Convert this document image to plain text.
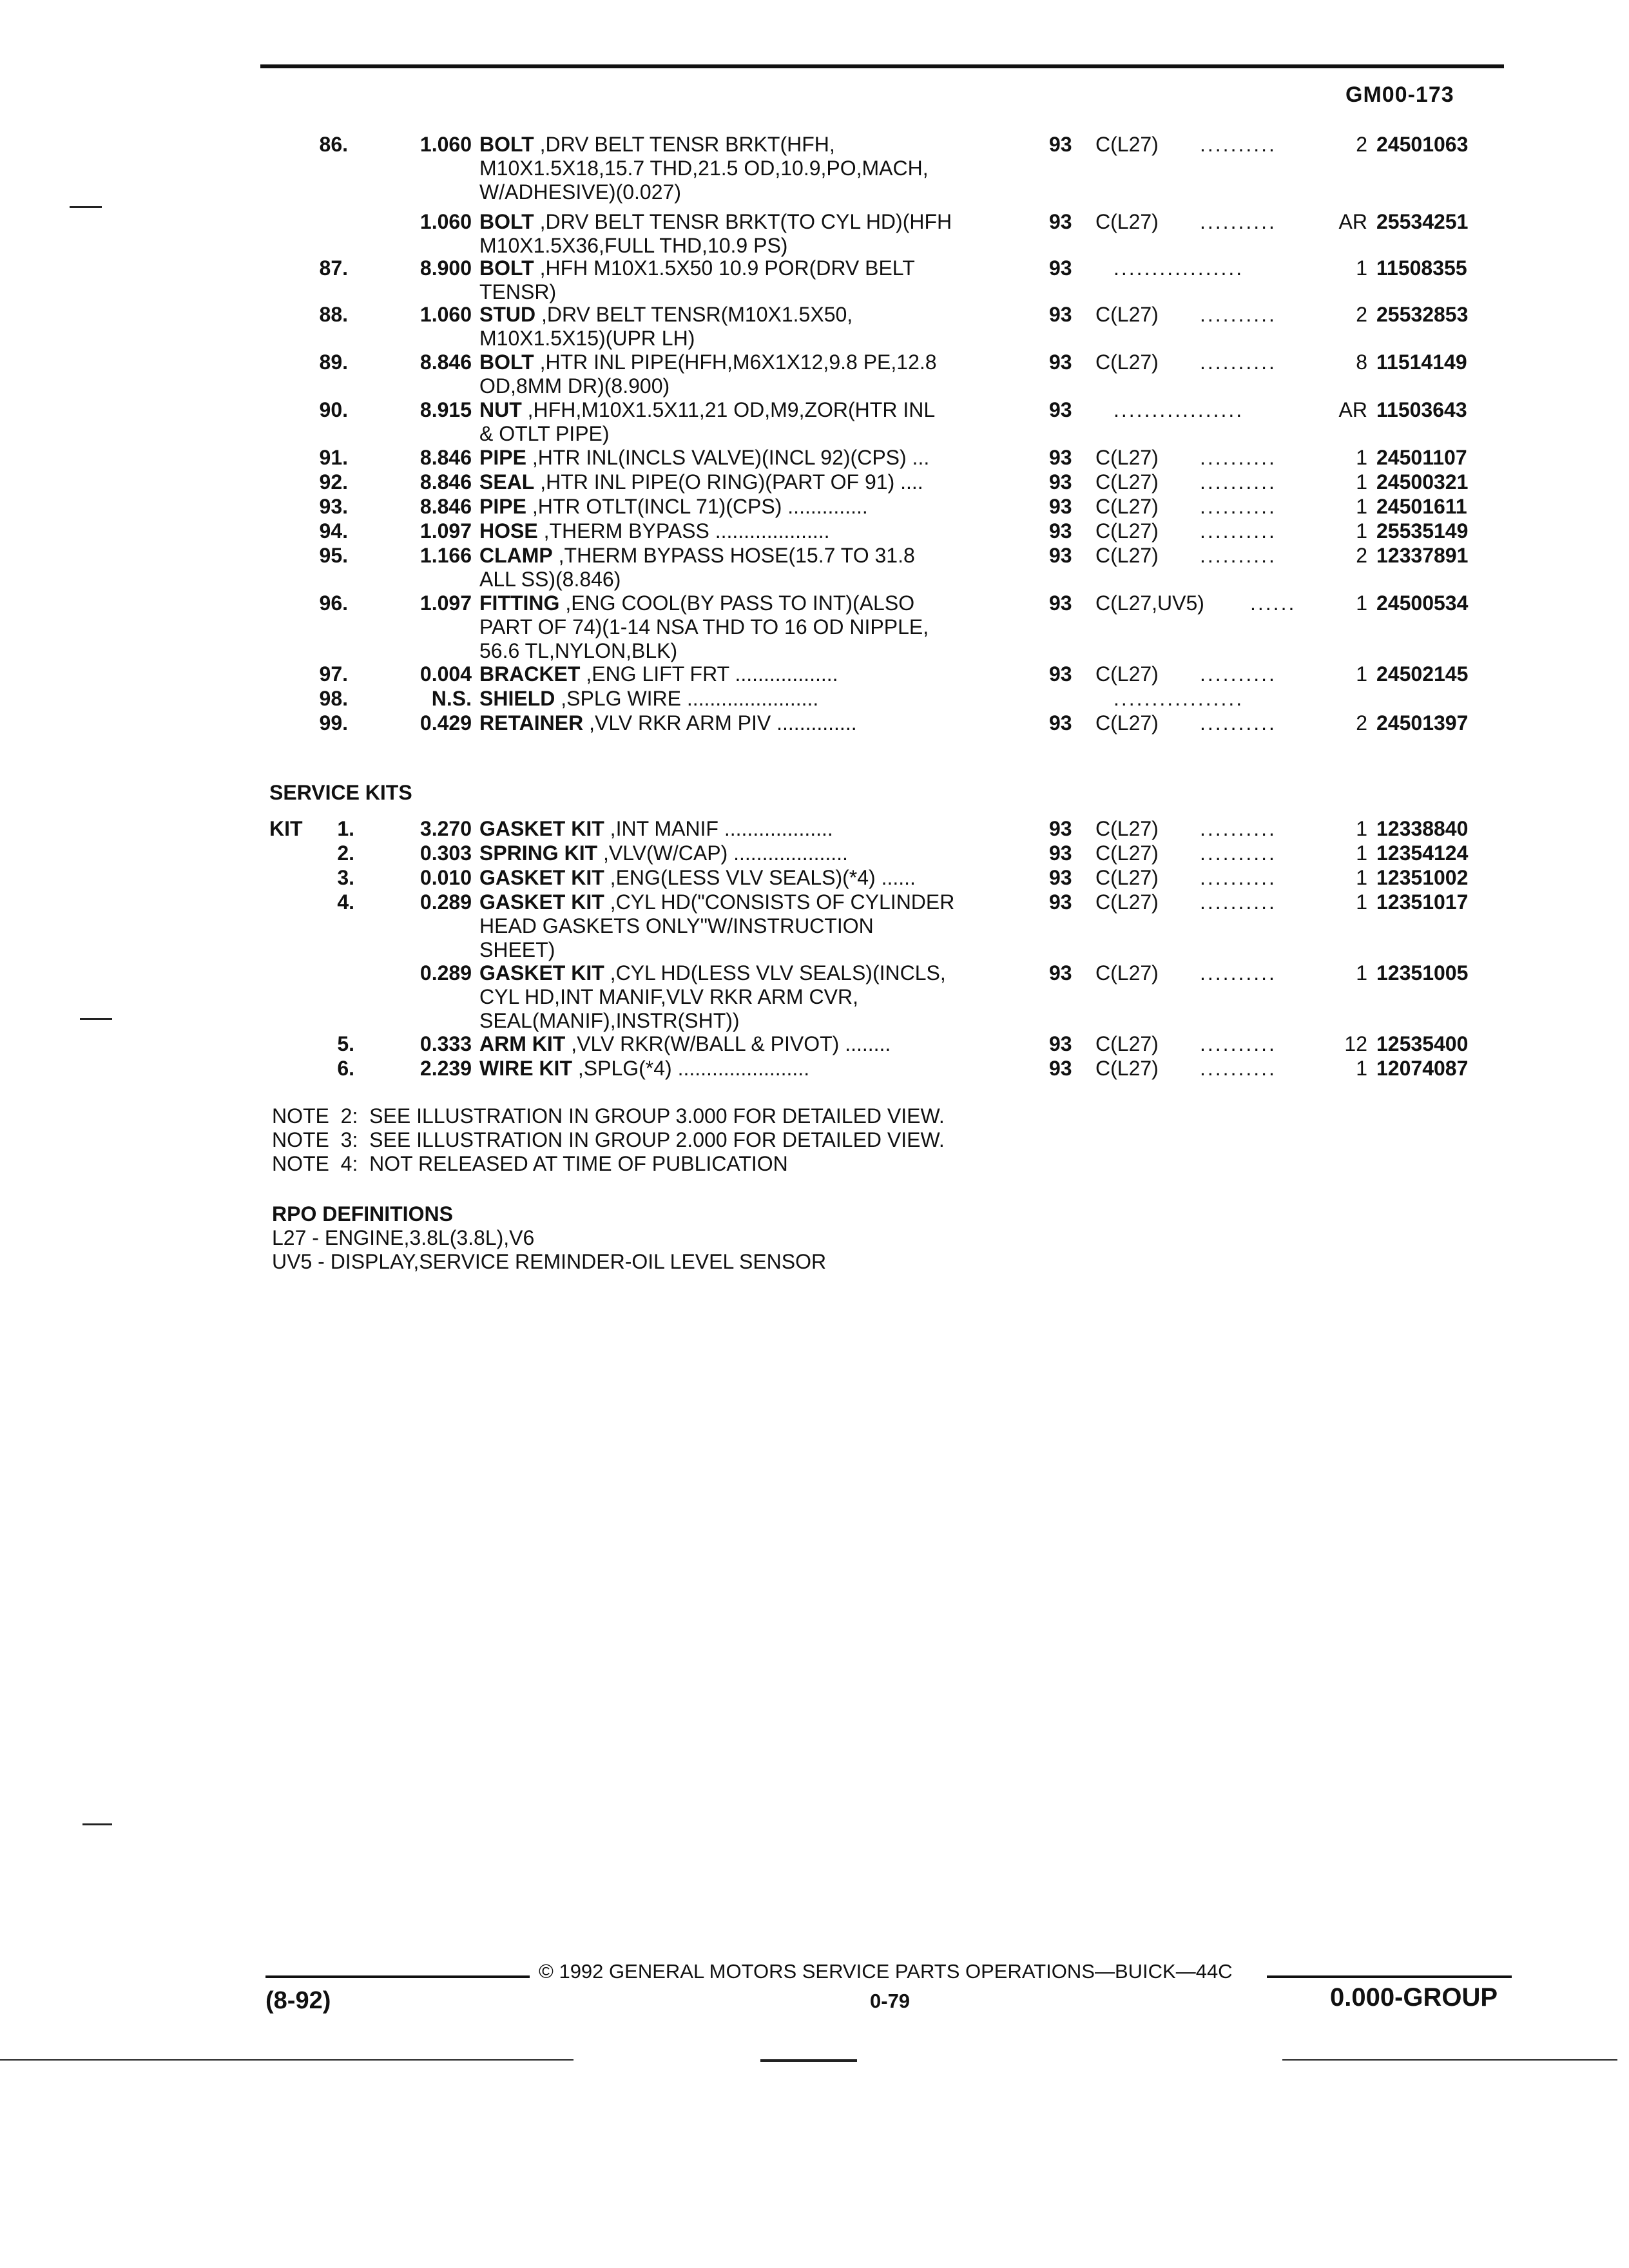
GM00-173
86.	1.060 BOLT ,DRV BELT TENSR BRKT(HFH,
M10X1.5X18,15.7 THD,21.5 OD,10.9,PO,MACH,
W/ADHESIVE)(0.027)
93	C(L27)	..........	2 24501063
1.060 BOLT ,DRV BELT TENSR BRKT(TO CYL HD)(HFH
M10X1.5X36,FULL THD,10.9 PS)
93	C(L27)	..........	AR 25534251
87.	8.900 BOLT ,HFH M10X1.5X50 10.9 POR(DRV BELT
TENSR)
93	.................	1 11508355
88.	1.060 STUD ,DRV BELT TENSR(M10X1.5X50,
M10X1.5X15)(UPR LH)
93	C(L27)	..........	2 25532853
89.	8.846 BOLT ,HTR INL PIPE(HFH,M6X1X12,9.8 PE,12.8
OD,8MM DR)(8.900)
93	C(L27)	..........	8 11514149
90.	8.915 NUT ,HFH,M10X1.5X11,21 OD,M9,ZOR(HTR INL
& OTLT PIPE)
93	.................	AR 11503643
91.	8.846 PIPE ,HTR INL(INCLS VALVE)(INCL 92)(CPS) ...	93	C(L27)	..........	1 24501107
92.	8.846 SEAL ,HTR INL PIPE(O RING)(PART OF 91) ....	93	C(L27)	..........	1 24500321
93.	8.846 PIPE ,HTR OTLT(INCL 71)(CPS) ..............	93	C(L27)	..........	1 24501611
94.	1.097 HOSE ,THERM BYPASS ....................	93	C(L27)	..........	1 25535149
95.	1.166 CLAMP ,THERM BYPASS HOSE(15.7 TO 31.8
ALL SS)(8.846)
93	C(L27)	..........	2 12337891
96.	1.097 FITTING ,ENG COOL(BY PASS TO INT)(ALSO
PART OF 74)(1-14 NSA THD TO 16 OD NIPPLE,
56.6 TL,NYLON,BLK)
93	C(L27,UV5) ......	1 24500534
97.	0.004 BRACKET ,ENG LIFT FRT ..................	93	C(L27)	..........	1 24502145
98.	N.S. SHIELD ,SPLG WIRE .......................	.................
99.	0.429 RETAINER ,VLV RKR ARM PIV ..............	93	C(L27)	..........	2 24501397
SERVICE KITS
1.	3.270 GASKET KIT ,INT MANIF ...................	93	C(L27)	..........	1 12338840
KIT
2.	0.303 SPRING KIT ,VLV(W/CAP) ....................	93	C(L27)	..........	1 12354124
3.	0.010 GASKET KIT ,ENG(LESS VLV SEALS)(*4) ......	93	C(L27)	..........	1 12351002
4.	0.289 GASKET KIT ,CYL HD("CONSISTS OF CYLINDER
HEAD GASKETS ONLY"W/INSTRUCTION
SHEET)
93	C(L27)	..........	1 12351017
0.289 GASKET KIT ,CYL HD(LESS VLV SEALS)(INCLS,
CYL HD,INT MANIF,VLV RKR ARM CVR,
SEAL(MANIF),INSTR(SHT))
93	C(L27)	..........	1 12351005
5.	0.333 ARM KIT ,VLV RKR(W/BALL & PIVOT) ........	93	C(L27)	..........	12 12535400
6.	2.239 WIRE KIT ,SPLG(*4) .......................	93	C(L27)	..........	1 12074087
NOTE  2:  SEE ILLUSTRATION IN GROUP 3.000 FOR DETAILED VIEW.
NOTE  3:  SEE ILLUSTRATION IN GROUP 2.000 FOR DETAILED VIEW.
NOTE  4:  NOT RELEASED AT TIME OF PUBLICATION
RPO DEFINITIONS
L27 - ENGINE,3.8L(3.8L),V6
UV5 - DISPLAY,SERVICE REMINDER-OIL LEVEL SENSOR
© 1992 GENERAL MOTORS SERVICE PARTS OPERATIONS—BUICK—44C
(8-92)	0-79	0.000-GROUP
